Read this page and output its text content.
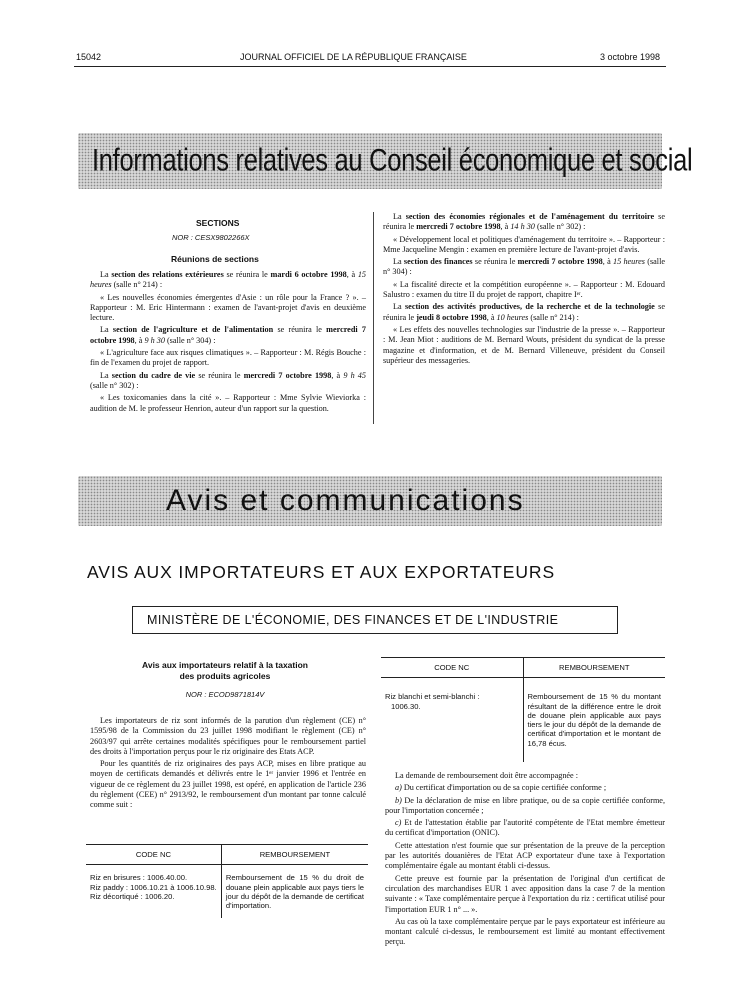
15042	JOURNAL OFFICIEL DE LA RÉPUBLIQUE FRANÇAISE	3 octobre 1998
Informations relatives au Conseil économique et social
SECTIONS
NOR : CESX9802266X
Réunions de sections

La section des relations extérieures se réunira le mardi 6 octobre 1998, à 15 heures (salle n° 214) :

« Les nouvelles économies émergentes d'Asie : un rôle pour la France ? ». – Rapporteur : M. Eric Hintermann : examen de l'avant-projet d'avis en deuxième lecture.

La section de l'agriculture et de l'alimentation se réunira le mercredi 7 octobre 1998, à 9 h 30 (salle n° 304) :

« L'agriculture face aux risques climatiques ». – Rapporteur : M. Régis Bouche : fin de l'examen du projet de rapport.

La section du cadre de vie se réunira le mercredi 7 octobre 1998, à 9 h 45 (salle n° 302) :

« Les toxicomanies dans la cité ». – Rapporteur : Mme Sylvie Wieviorka : audition de M. le professeur Henrion, auteur d'un rapport sur la question.

La section des économies régionales et de l'aménagement du territoire se réunira le mercredi 7 octobre 1998, à 14 h 30 (salle n° 302) :

« Développement local et politiques d'aménagement du territoire ». – Rapporteur : Mme Jacqueline Mengin : examen en première lecture de l'avant-projet d'avis.

La section des finances se réunira le mercredi 7 octobre 1998, à 15 heures (salle n° 304) :

« La fiscalité directe et la compétition européenne ». – Rapporteur : M. Edouard Salustro : examen du titre II du projet de rapport, chapitre Iᵉʳ.

La section des activités productives, de la recherche et de la technologie se réunira le jeudi 8 octobre 1998, à 10 heures (salle n° 214) :

« Les effets des nouvelles technologies sur l'industrie de la presse ». – Rapporteur : M. Jean Miot : auditions de M. Bernard Wouts, président du syndicat de la presse magazine et d'information, et de M. Bernard Villeneuve, président du Conseil supérieur des messageries.

Avis et communications
AVIS AUX IMPORTATEURS ET AUX EXPORTATEURS
MINISTÈRE DE L'ÉCONOMIE, DES FINANCES ET DE L'INDUSTRIE
Avis aux importateurs relatif à la taxation
des produits agricoles
NOR : ECOD9871814V

Les importateurs de riz sont informés de la parution d'un règlement (CE) n° 1595/98 de la Commission du 23 juillet 1998 modifiant le règlement (CE) n° 2603/97 qui arrête certaines modalités spécifiques pour le remboursement partiel des droits à l'importation perçus pour le riz originaire des Etats ACP.

Pour les quantités de riz originaires des pays ACP, mises en libre pratique au moyen de certificats demandés et délivrés entre le 1ᵉʳ janvier 1996 et l'entrée en vigueur de ce règlement du 23 juillet 1998, est opéré, en application de l'article 236 du règlement (CEE) n° 2913/92, le remboursement d'un montant par tonne calculé comme suit :

CODE NC	REMBOURSEMENT

Riz en brisures : 1006.40.00.
Riz paddy : 1006.10.21 à 1006.10.98.
Riz décortiqué : 1006.20.	Remboursement de 15 % du droit de douane plein applicable aux pays tiers le jour du dépôt de la demande de certificat d'importation.
CODE NC	REMBOURSEMENT

Riz blanchi et semi-blanchi :
1006.30.	Remboursement de 15 % du montant résultant de la différence entre le droit de douane plein applicable aux pays tiers le jour du dépôt de la demande de certificat d'importation et le montant de 16,78 écus.

La demande de remboursement doit être accompagnée :

a) Du certificat d'importation ou de sa copie certifiée conforme ;

b) De la déclaration de mise en libre pratique, ou de sa copie certifiée conforme, pour l'importation concernée ;

c) Et de l'attestation établie par l'autorité compétente de l'Etat membre émetteur du certificat d'importation (ONIC).

Cette attestation n'est fournie que sur présentation de la preuve de la perception par les autorités douanières de l'Etat ACP exportateur d'une taxe à l'exportation complémentaire égale au montant établi ci-dessus.

Cette preuve est fournie par la présentation de l'original d'un certificat de circulation des marchandises EUR 1 avec apposition dans la case 7 de la mention suivante : « Taxe complémentaire perçue à l'exportation du riz : certificat utilisé pour l'importation EUR 1 n° ... ».

Au cas où la taxe complémentaire perçue par le pays exportateur est inférieure au montant calculé ci-dessus, le remboursement est limité au montant effectivement perçu.
